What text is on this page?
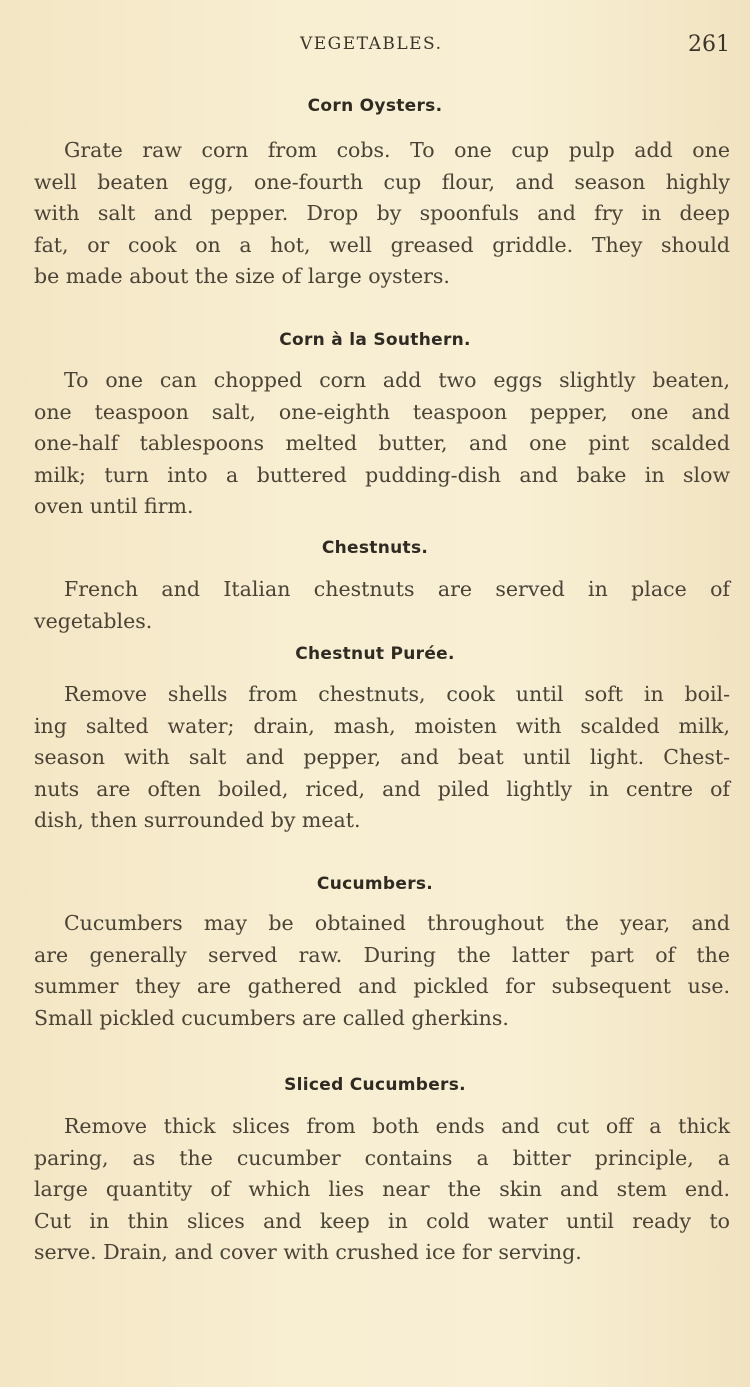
VEGETABLES.	261
Corn Oysters.
Grate raw corn from cobs. To one cup pulp add one
well beaten egg, one-fourth cup flour, and season highly
with salt and pepper. Drop by spoonfuls and fry in deep
fat, or cook on a hot, well greased griddle. They should
be made about the size of large oysters.
Corn à la Southern.
To one can chopped corn add two eggs slightly beaten,
one teaspoon salt, one-eighth teaspoon pepper, one and
one-half tablespoons melted butter, and one pint scalded
milk; turn into a buttered pudding-dish and bake in slow
oven until firm.
Chestnuts.
French and Italian chestnuts are served in place of
vegetables.
Chestnut Purée.
Remove shells from chestnuts, cook until soft in boil-
ing salted water; drain, mash, moisten with scalded milk,
season with salt and pepper, and beat until light. Chest-
nuts are often boiled, riced, and piled lightly in centre of
dish, then surrounded by meat.
Cucumbers.
Cucumbers may be obtained throughout the year, and
are generally served raw. During the latter part of the
summer they are gathered and pickled for subsequent use.
Small pickled cucumbers are called gherkins.
Sliced Cucumbers.
Remove thick slices from both ends and cut off a thick
paring, as the cucumber contains a bitter principle, a
large quantity of which lies near the skin and stem end.
Cut in thin slices and keep in cold water until ready to
serve. Drain, and cover with crushed ice for serving.
